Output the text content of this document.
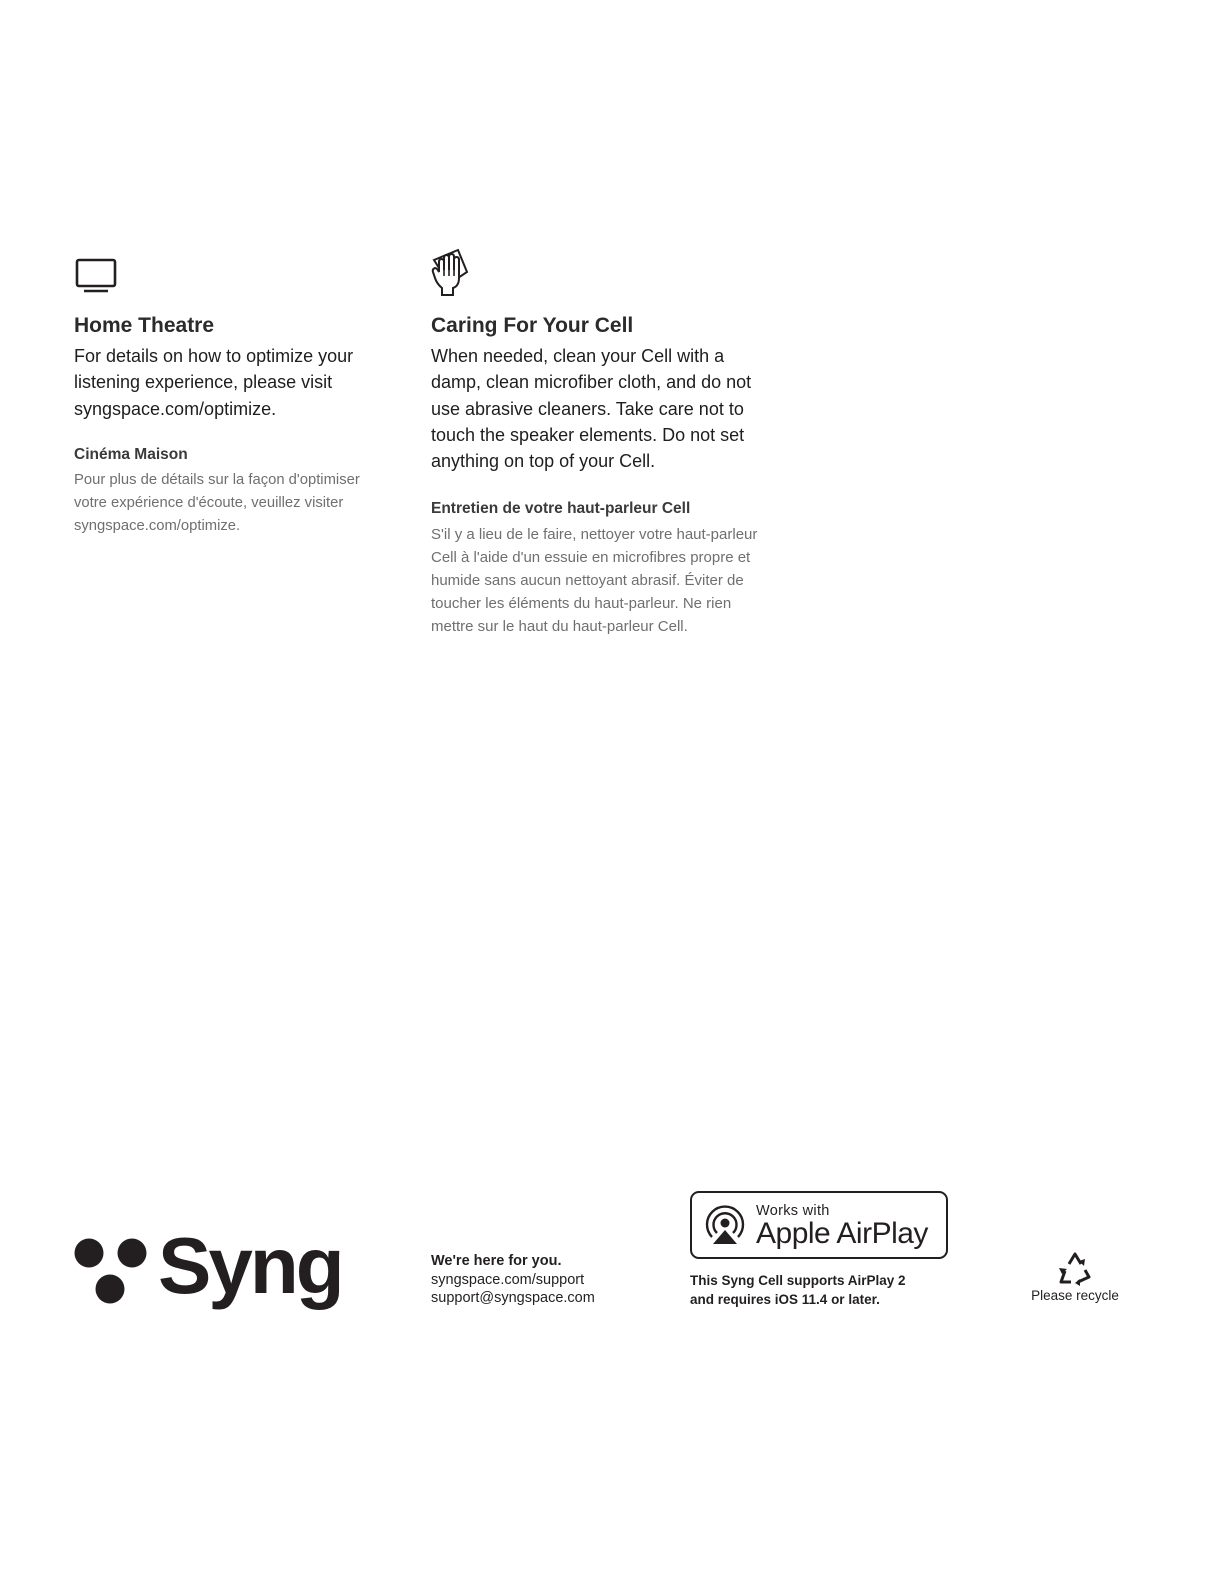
Home Theatre

For details on how to optimize your listening experience, please visit syngspace.com/optimize.

Cinéma Maison

Pour plus de détails sur la façon d'optimiser votre expérience d'écoute, veuillez visiter syngspace.com/optimize.

Caring For Your Cell

When needed, clean your Cell with a damp, clean microfiber cloth, and do not use abrasive cleaners. Take care not to touch the speaker elements. Do not set anything on top of your Cell.

Entretien de votre haut-parleur Cell

S'il y a lieu de le faire, nettoyer votre haut-parleur Cell à l'aide d'un essuie en microfibres propre et humide sans aucun nettoyant abrasif. Éviter de toucher les éléments du haut-parleur. Ne rien mettre sur le haut du haut-parleur Cell.

Syng	We're here for you.
syngspace.com/support
support@syngspace.com
Works with
Apple AirPlay
This Syng Cell supports AirPlay 2
and requires iOS 11.4 or later.	Please recycle
